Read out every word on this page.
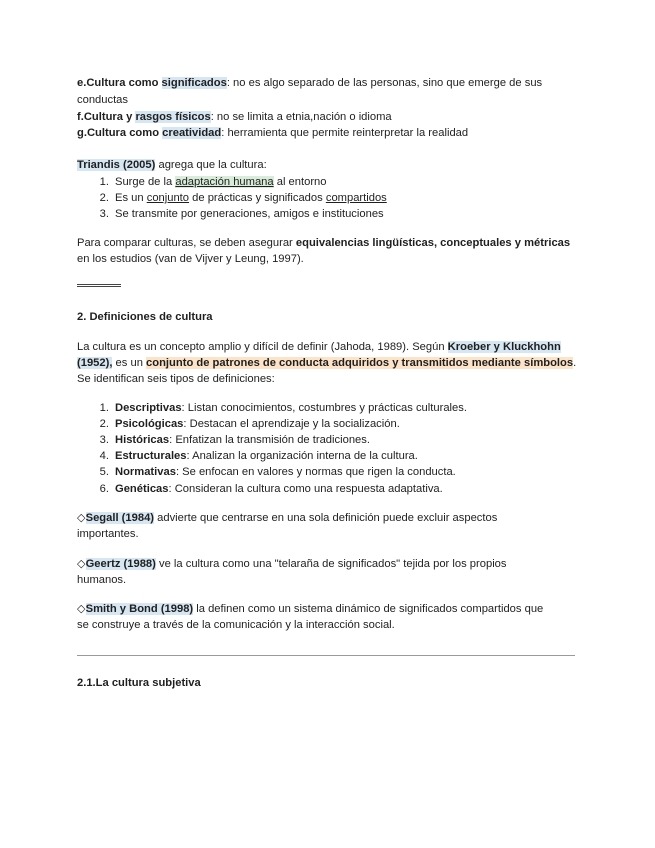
e.Cultura como significados: no es algo separado de las personas, sino que emerge de sus
conductas
f.Cultura y rasgos físicos: no se limita a etnia,nación o idioma
g.Cultura como creatividad: herramienta que permite reinterpretar la realidad
Triandis (2005) agrega que la cultura:
1. Surge de la adaptación humana al entorno
2. Es un conjunto de prácticas y significados compartidos
3. Se transmite por generaciones, amigos e instituciones
Para comparar culturas, se deben asegurar equivalencias lingüísticas, conceptuales y métricas
en los estudios (van de Vijver y Leung, 1997).
2. Definiciones de cultura
La cultura es un concepto amplio y difícil de definir (Jahoda, 1989). Según Kroeber y Kluckhohn
(1952), es un conjunto de patrones de conducta adquiridos y transmitidos mediante símbolos.
Se identifican seis tipos de definiciones:
1. Descriptivas: Listan conocimientos, costumbres y prácticas culturales.
2. Psicológicas: Destacan el aprendizaje y la socialización.
3. Históricas: Enfatizan la transmisión de tradiciones.
4. Estructurales: Analizan la organización interna de la cultura.
5. Normativas: Se enfocan en valores y normas que rigen la conducta.
6. Genéticas: Consideran la cultura como una respuesta adaptativa.
◇Segall (1984) advierte que centrarse en una sola definición puede excluir aspectos
importantes.
◇Geertz (1988) ve la cultura como una "telaraña de significados" tejida por los propios
humanos.
◇Smith y Bond (1998) la definen como un sistema dinámico de significados compartidos que
se construye a través de la comunicación y la interacción social.
2.1.La cultura subjetiva
